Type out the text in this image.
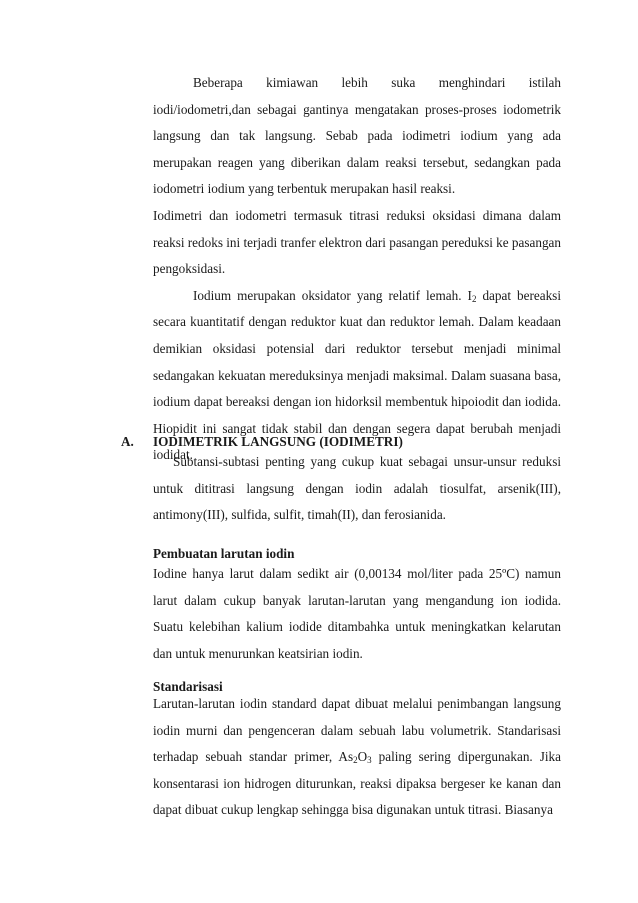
Beberapa kimiawan lebih suka menghindari istilah iodi/iodometri,dan sebagai gantinya mengatakan proses-proses iodometrik langsung dan tak langsung. Sebab pada iodimetri iodium yang ada merupakan reagen yang diberikan dalam reaksi tersebut, sedangkan pada iodometri iodium yang terbentuk merupakan hasil reaksi.

Iodimetri dan iodometri termasuk titrasi reduksi oksidasi dimana dalam reaksi redoks ini terjadi tranfer elektron dari pasangan pereduksi ke pasangan pengoksidasi.

Iodium merupakan oksidator yang relatif lemah. $I_2$ dapat bereaksi secara kuantitatif dengan reduktor kuat dan reduktor lemah. Dalam keadaan demikian oksidasi potensial dari reduktor tersebut menjadi minimal sedangakan kekuatan mereduksinya menjadi maksimal. Dalam suasana basa, iodium dapat bereaksi dengan ion hidorksil membentuk hipoiodit dan iodida. Hiopidit ini sangat tidak stabil dan dengan segera dapat berubah menjadi iodidat.

A. IODIMETRIK LANGSUNG (IODIMETRI)

Subtansi-subtasi penting yang cukup kuat sebagai unsur-unsur reduksi untuk dititrasi langsung dengan iodin adalah tiosulfat, arsenik(III), antimony(III), sulfida, sulfit, timah(II), dan ferosianida.

Pembuatan larutan iodin

Iodine hanya larut dalam sedikt air (0,00134 mol/liter pada 25ºC) namun larut dalam cukup banyak larutan-larutan yang mengandung ion iodida. Suatu kelebihan kalium iodide ditambahka untuk meningkatkan kelarutan dan untuk menurunkan keatsirian iodin.

Standarisasi

Larutan-larutan iodin standard dapat dibuat melalui penimbangan langsung iodin murni dan pengenceran dalam sebuah labu volumetrik. Standarisasi terhadap sebuah standar primer, $As_2O_3$ paling sering dipergunakan. Jika konsentarasi ion hidrogen diturunkan, reaksi dipaksa bergeser ke kanan dan dapat dibuat cukup lengkap sehingga bisa digunakan untuk titrasi. Biasanya
